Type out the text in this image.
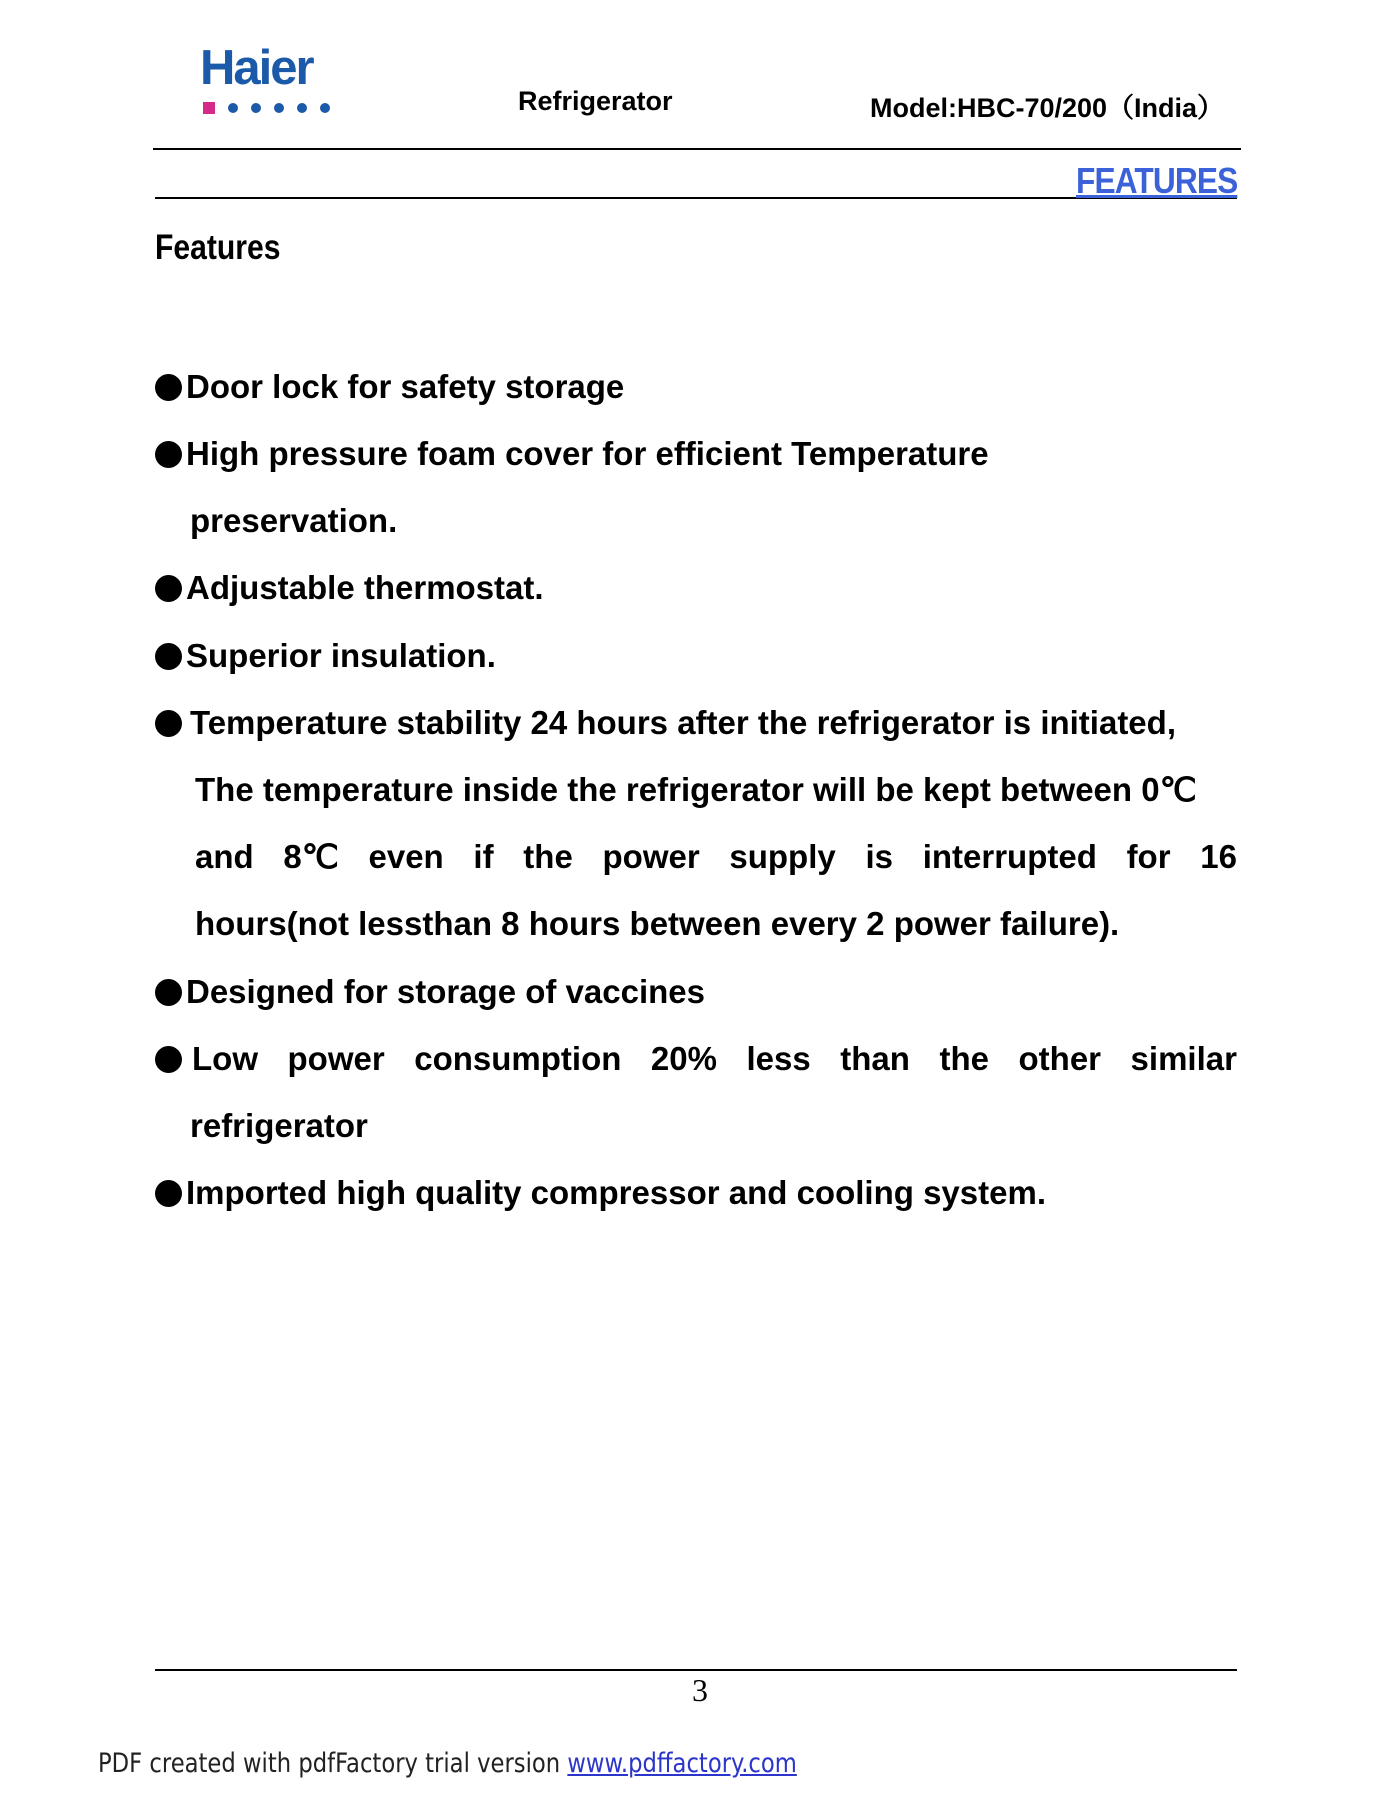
Haier
Refrigerator	Model:HBC-70/200（India）
FEATURES
Features
Door lock for safety storage
High pressure foam cover for efficient Temperature
preservation.
Adjustable thermostat.
Superior insulation.
Temperature stability 24 hours after the refrigerator is initiated,
The temperature inside the refrigerator will be kept between 0℃
and 8℃ even if the power supply is interrupted for 16
hours(not lessthan 8 hours between every 2 power failure).
Designed for storage of vaccines
Low power consumption 20% less than the other similar
refrigerator
Imported high quality compressor and cooling system.
3
PDF created with pdfFactory trial version www.pdffactory.com
